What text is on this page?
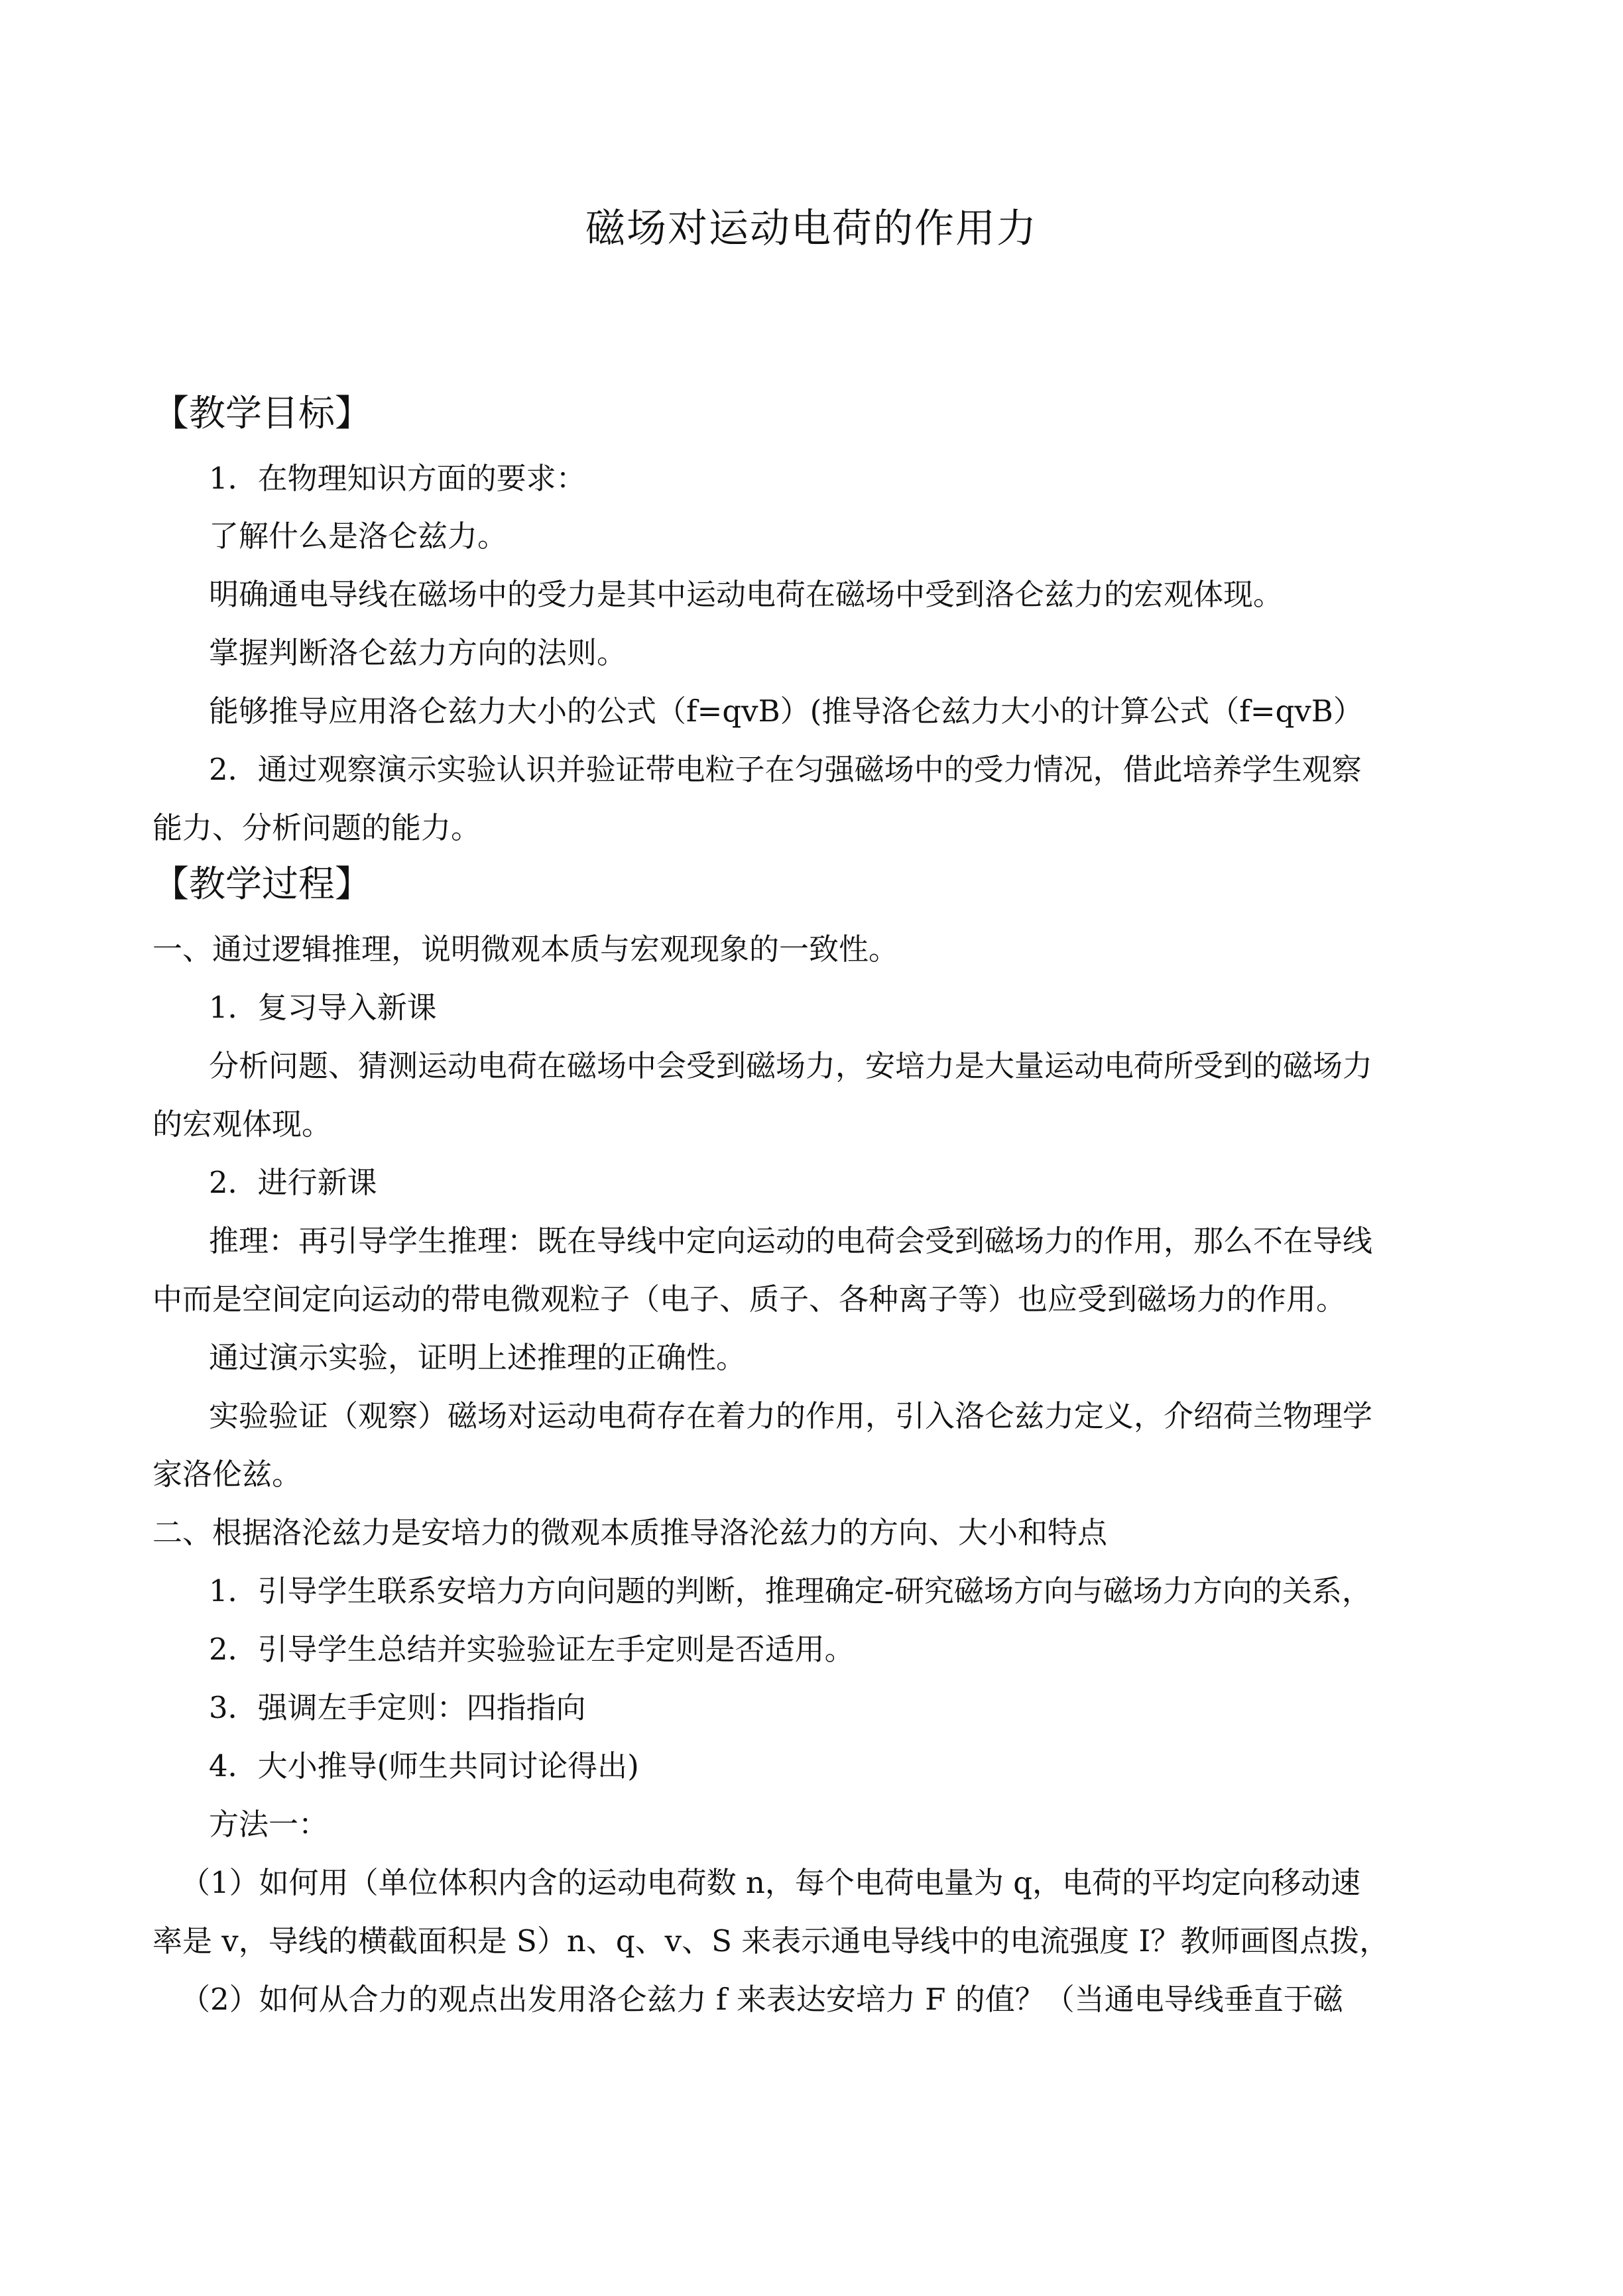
磁场对运动电荷的作用力
【教学目标】
1．在物理知识方面的要求：
了解什么是洛仑兹力。
明确通电导线在磁场中的受力是其中运动电荷在磁场中受到洛仑兹力的宏观体现。
掌握判断洛仑兹力方向的法则。
能够推导应用洛仑兹力大小的公式（f=qvB）(推导洛仑兹力大小的计算公式（f=qvB）
2．通过观察演示实验认识并验证带电粒子在匀强磁场中的受力情况，借此培养学生观察
能力、分析问题的能力。
【教学过程】
一、通过逻辑推理，说明微观本质与宏观现象的一致性。
1．复习导入新课
分析问题、猜测运动电荷在磁场中会受到磁场力，安培力是大量运动电荷所受到的磁场力
的宏观体现。
2．进行新课
推理：再引导学生推理：既在导线中定向运动的电荷会受到磁场力的作用，那么不在导线
中而是空间定向运动的带电微观粒子（电子、质子、各种离子等）也应受到磁场力的作用。
通过演示实验，证明上述推理的正确性。
实验验证（观察）磁场对运动电荷存在着力的作用，引入洛仑兹力定义，介绍荷兰物理学
家洛伦兹。
二、根据洛沦兹力是安培力的微观本质推导洛沦兹力的方向、大小和特点
1．引导学生联系安培力方向问题的判断，推理确定-研究磁场方向与磁场力方向的关系，
2．引导学生总结并实验验证左手定则是否适用。
3．强调左手定则：四指指向
4．大小推导(师生共同讨论得出)
方法一：
（1）如何用（单位体积内含的运动电荷数 n，每个电荷电量为 q，电荷的平均定向移动速
率是 v，导线的横截面积是 S）n、q、v、S 来表示通电导线中的电流强度 I？教师画图点拨，
（2）如何从合力的观点出发用洛仑兹力 f 来表达安培力 F 的值？（当通电导线垂直于磁
